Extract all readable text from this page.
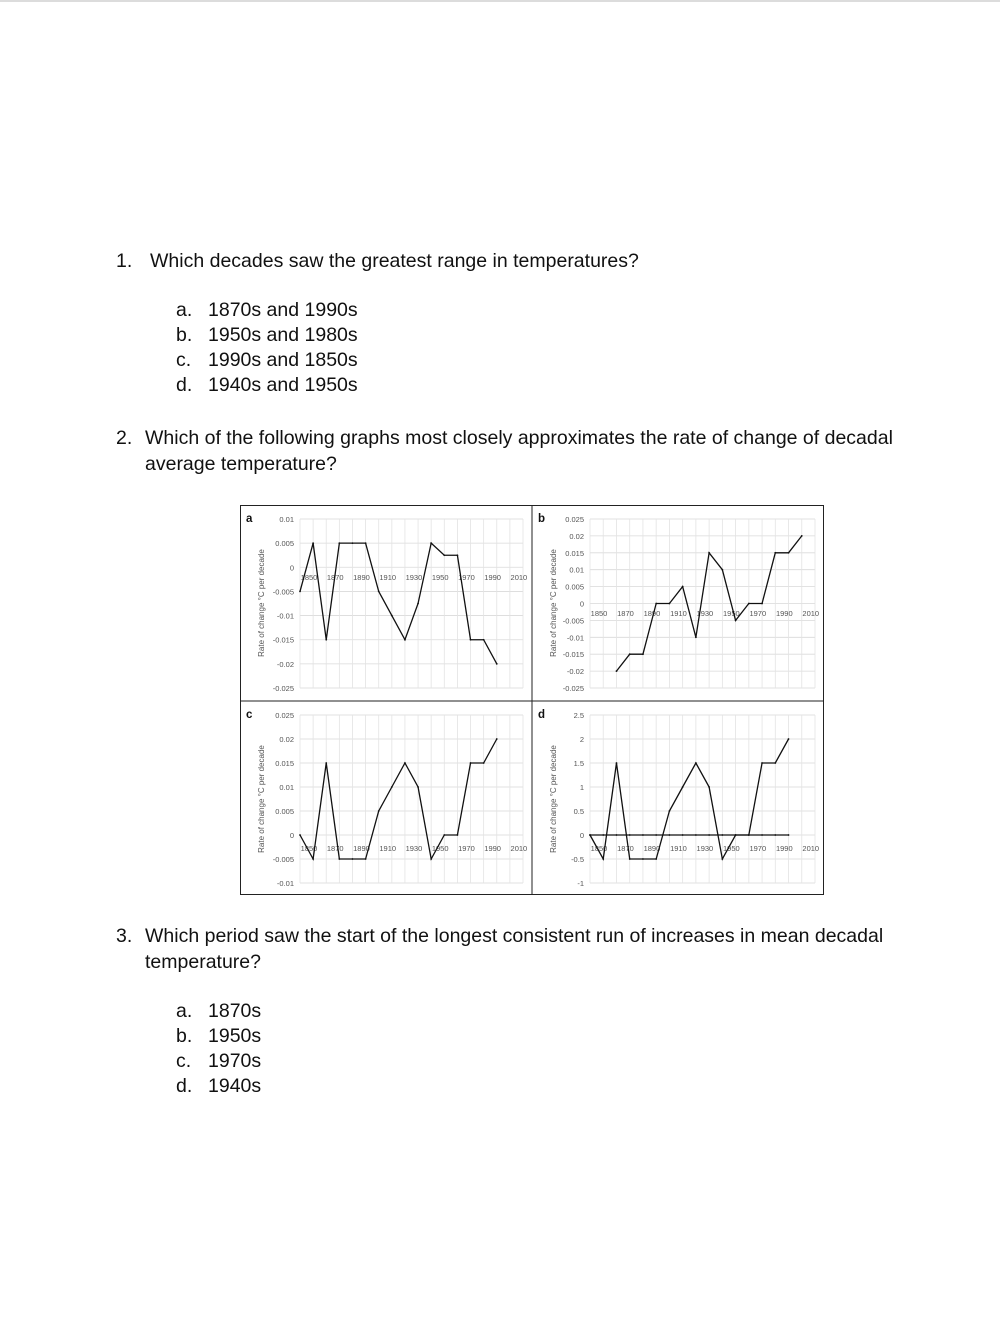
1. Which decades saw the greatest range in temperatures?
a. 1870s and 1990s
b. 1950s and 1980s
c. 1990s and 1850s
d. 1940s and 1950s
2. Which of the following graphs most closely approximates the rate of change of decadal
average temperature?
0.01
0.005
0
-0.005
-0.01
-0.015
-0.02
-0.025
1850 1870 1890 1910 1930 1950 1970 1990 2010
a
Rate of change °C per decade
0.025
0.02
0.015
0.01
0.005
0
-0.005
-0.01
-0.015
-0.02
-0.025
1850 1870 1890 1910 1930 1950 1970 1990 2010
b
Rate of change °C per decade
0.025
0.02
0.015
0.01
0.005
0
-0.005
-0.01
1850 1870 1890 1910 1930 1950 1970 1990 2010
c
Rate of change °C per decade
2.5
2
1.5
1
0.5
0
-0.5
-1
1850 1870 1890 1910 1930 1950 1970 1990 2010
d
Rate of change °C per decade
3. Which period saw the start of the longest consistent run of increases in mean decadal
temperature?
a. 1870s
b. 1950s
c. 1970s
d. 1940s
